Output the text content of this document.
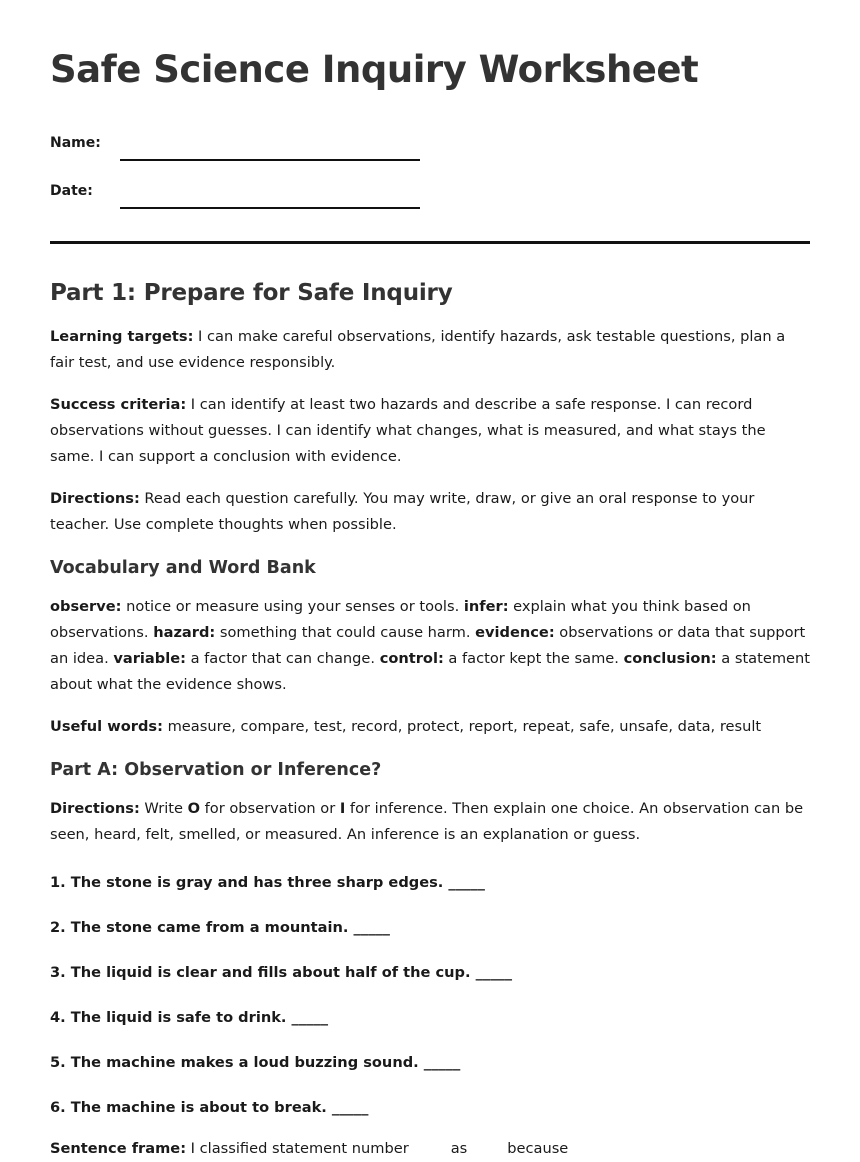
Safe Science Inquiry Worksheet
Name:
Date:
Part 1: Prepare for Safe Inquiry

Learning targets: I can make careful observations, identify hazards, ask testable questions, plan a fair test, and use evidence responsibly.

Success criteria: I can identify at least two hazards and describe a safe response. I can record observations without guesses. I can identify what changes, what is measured, and what stays the same. I can support a conclusion with evidence.

Directions: Read each question carefully. You may write, draw, or give an oral response to your teacher. Use complete thoughts when possible.

Vocabulary and Word Bank

observe: notice or measure using your senses or tools. infer: explain what you think based on observations. hazard: something that could cause harm. evidence: observations or data that support an idea. variable: a factor that can change. control: a factor kept the same. conclusion: a statement about what the evidence shows.

Useful words: measure, compare, test, record, protect, report, repeat, safe, unsafe, data, result

Part A: Observation or Inference?

Directions: Write O for observation or I for inference. Then explain one choice. An observation can be seen, heard, felt, smelled, or measured. An inference is an explanation or guess.

1. The stone is gray and has three sharp edges. _____
2. The stone came from a mountain. _____
3. The liquid is clear and fills about half of the cup. _____
4. The liquid is safe to drink. _____
5. The machine makes a loud buzzing sound. _____
6. The machine is about to break. _____
Sentence frame: I classified statement number	as	because
